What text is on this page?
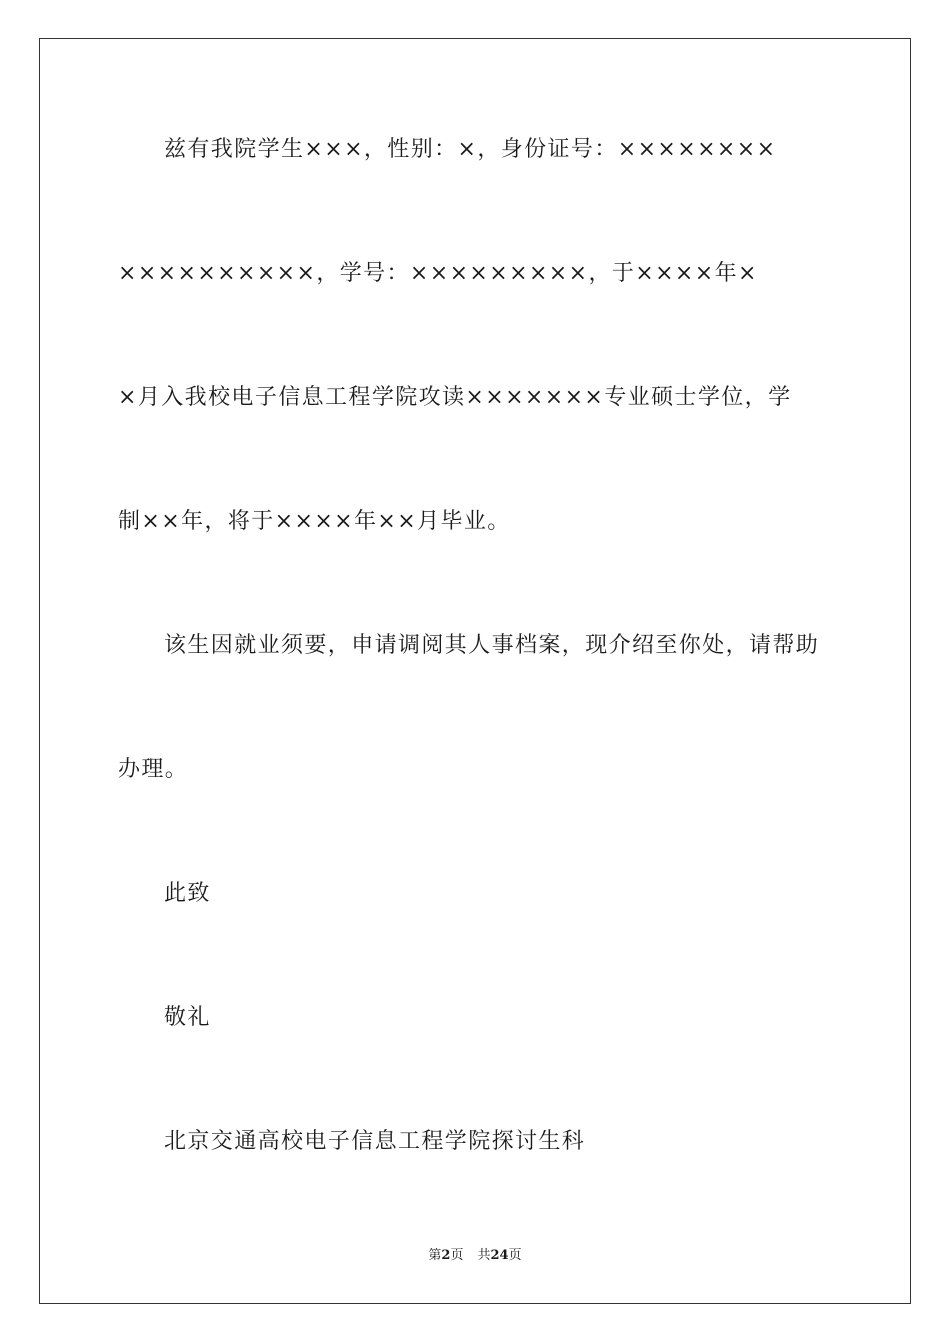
兹有我院学生×××，性别：×，身份证号：××××××××
××××××××××，学号：×××××××××，于××××年×
×月入我校电子信息工程学院攻读×××××××专业硕士学位，学
制××年，将于××××年××月毕业。
该生因就业须要，申请调阅其人事档案，现介绍至你处，请帮助
办理。
此致
敬礼
北京交通高校电子信息工程学院探讨生科
第2页 共24页
